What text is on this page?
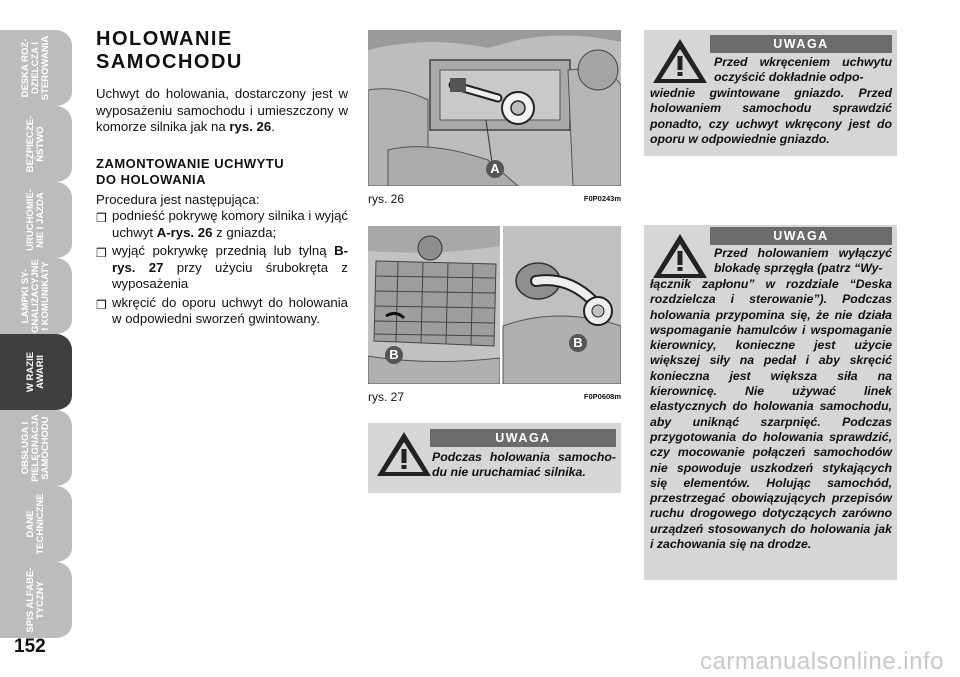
DESKA ROZ-
DZIELCZA I
STEROWANIA
BEZPIECZE-
ŃSTWO
URUCHOMIE-
NIE I JAZDA
LAMPKI SY-
GNALIZACYJNE
I KOMUNIKATY
W RAZIE
AWARII
OBSŁUGA I
PIELĘGNACJA
SAMOCHODU
DANE
TECHNICZNE
SPIS ALFABE-
TYCZNY
152
HOLOWANIE
SAMOCHODU

Uchwyt do holowania, dostarczony jest w wyposażeniu samochodu i umieszczony w komorze silnika jak na rys. 26.

ZAMONTOWANIE UCHWYTU
DO HOLOWANIA

Procedura jest następująca:

❒ podnieść pokrywę komory silnika i wyjąć uchwyt A-rys. 26 z gniazda;
❒ wyjąć pokrywkę przednią lub tylną B-rys. 27 przy użyciu śrubokręta z wyposażenia
❒ wkręcić do oporu uchwyt do holowania w odpowiedni sworzeń gwintowany.
A
rys. 26	F0P0243m
B
B
rys. 27	F0P0608m
UWAGA
Przed wkręceniem uchwytu oczyścić dokładnie odpo-
wiednie gwintowane gniazdo. Przed holowaniem samochodu sprawdzić ponadto, czy uchwyt wkręcony jest do oporu w odpowiednie gniazdo.
UWAGA
Przed holowaniem wyłączyć blokadę sprzęgła (patrz “Wy-
łącznik zapłonu” w rozdziale “Deska rozdzielcza i sterowanie”). Podczas holowania przypomina się, że nie działa wspomaganie hamulców i wspomaganie kierownicy, konieczne jest użycie większej siły na pedał i aby skręcić konieczna jest większa siła na kierownicę. Nie używać linek elastycznych do holowania samochodu, aby uniknąć szarpnięć. Podczas przygotowania do holowania sprawdzić, czy mocowanie połączeń samochodów nie spowoduje uszkodzeń stykających się elementów. Holując samochód, przestrzegać obowiązujących przepisów ruchu drogowego dotyczących zarówno urządzeń stosowanych do holowania jak i zachowania się na drodze.
UWAGA
Podczas holowania samocho-du nie uruchamiać silnika.
carmanualsonline.info
